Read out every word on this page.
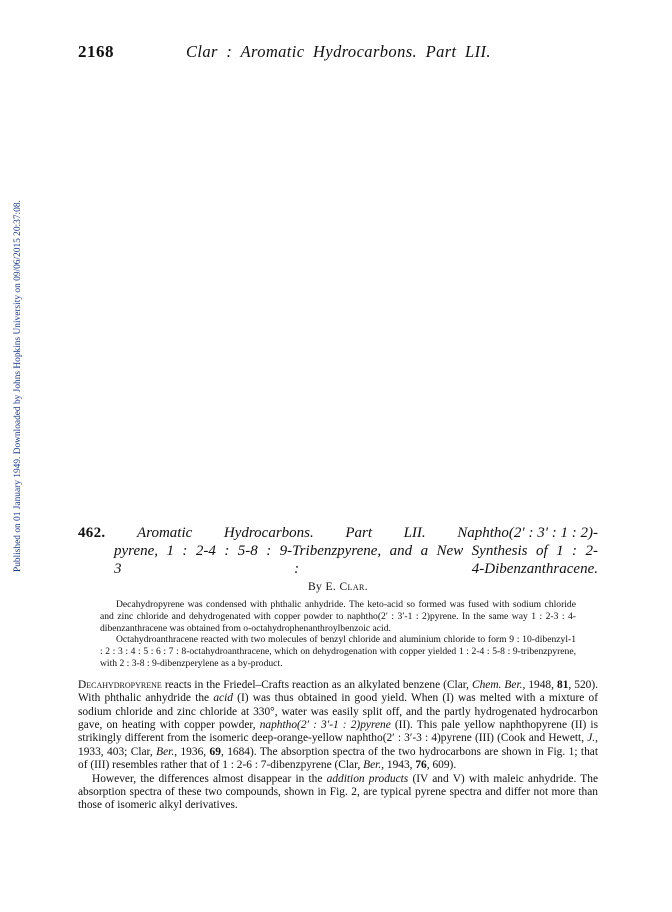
2168	Clar : Aromatic Hydrocarbons. Part LII.
Published on 01 January 1949. Downloaded by Johns Hopkins University on 09/06/2015 20:37:08.	462. Aromatic Hydrocarbons. Part LII. Naphtho(2′ : 3′ : 1 : 2)-
pyrene, 1 : 2-4 : 5-8 : 9-Tribenzpyrene, and a New Synthesis of 1 : 2-
3 : 4-Dibenzanthracene.
By E. Clar.

Decahydropyrene was condensed with phthalic anhydride. The keto-acid so formed was fused with sodium chloride and zinc chloride and dehydrogenated with copper powder to naphtho(2′ : 3′-1 : 2)pyrene. In the same way 1 : 2-3 : 4-dibenzanthracene was obtained from o-octahydrophenanthroylbenzoic acid.

Octahydroanthracene reacted with two molecules of benzyl chloride and aluminium chloride to form 9 : 10-dibenzyl-1 : 2 : 3 : 4 : 5 : 6 : 7 : 8-octahydroanthracene, which on dehydrogenation with copper yielded 1 : 2-4 : 5-8 : 9-tribenzpyrene, with 2 : 3-8 : 9-dibenzperylene as a by-product.

Decahydropyrene reacts in the Friedel–Crafts reaction as an alkylated benzene (Clar, Chem. Ber., 1948, 81, 520). With phthalic anhydride the acid (I) was thus obtained in good yield. When (I) was melted with a mixture of sodium chloride and zinc chloride at 330°, water was easily split off, and the partly hydrogenated hydrocarbon gave, on heating with copper powder, naphtho(2′ : 3′-1 : 2)pyrene (II). This pale yellow naphthopyrene (II) is strikingly different from the isomeric deep-orange-yellow naphtho(2′ : 3′-3 : 4)pyrene (III) (Cook and Hewett, J., 1933, 403; Clar, Ber., 1936, 69, 1684). The absorption spectra of the two hydrocarbons are shown in Fig. 1; that of (III) resembles rather that of 1 : 2-6 : 7-dibenzpyrene (Clar, Ber., 1943, 76, 609).

However, the differences almost disappear in the addition products (IV and V) with maleic anhydride. The absorption spectra of these two compounds, shown in Fig. 2, are typical pyrene spectra and differ not more than those of isomeric alkyl derivatives.
